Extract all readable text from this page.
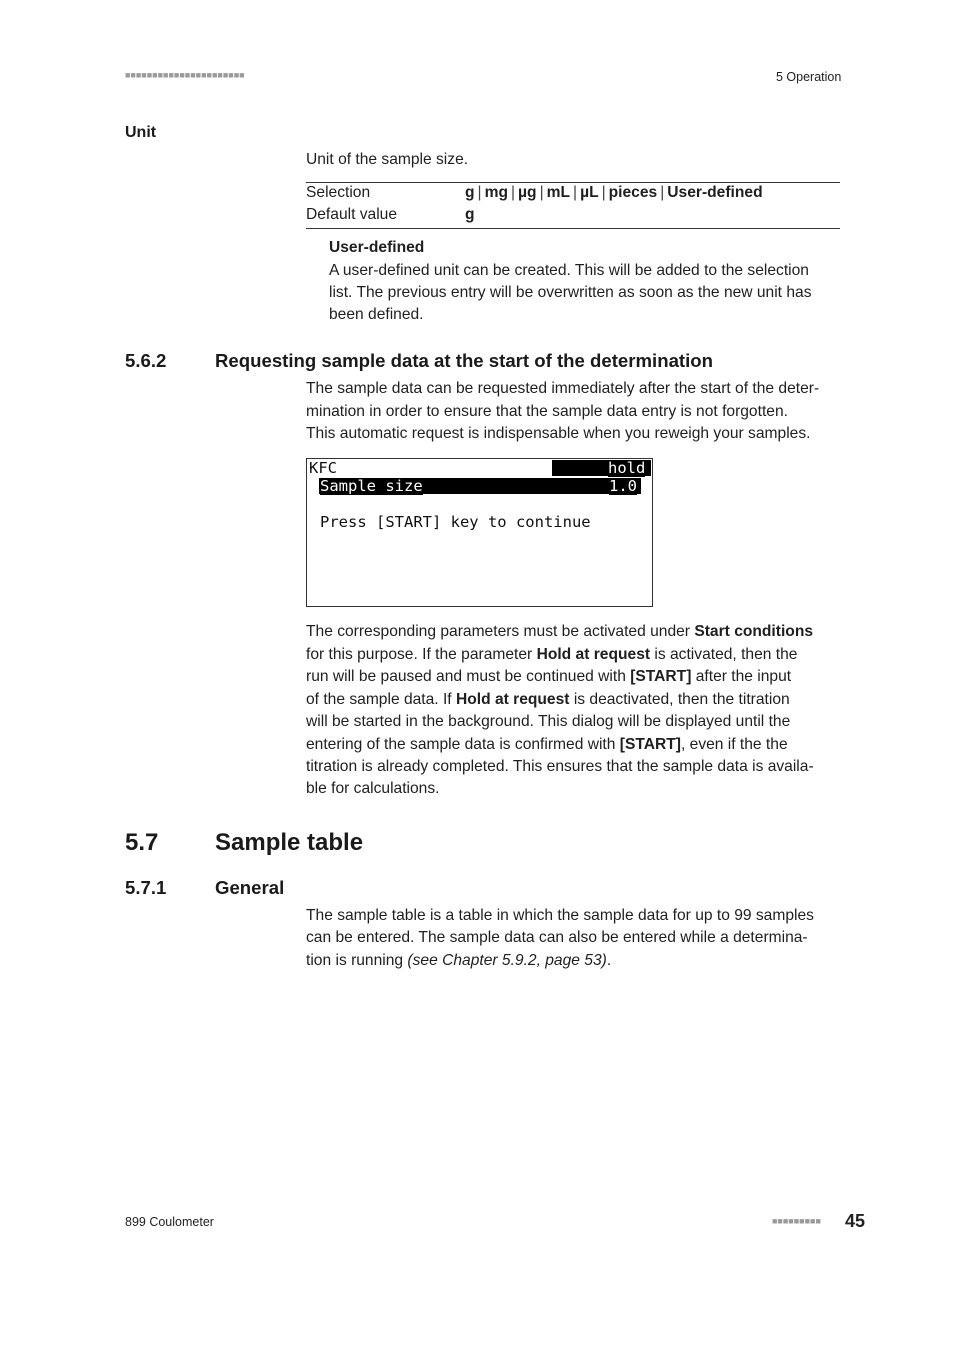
■■■■■■■■■■■■■■■■■■■■■■	5 Operation
Unit
Unit of the sample size.
Selection	g | mg | µg | mL | µL | pieces | User-defined
Default value	g
User-defined
A user-defined unit can be created. This will be added to the selection
list. The previous entry will be overwritten as soon as the new unit has
been defined.
5.6.2	Requesting sample data at the start of the determination
The sample data can be requested immediately after the start of the deter-
mination in order to ensure that the sample data entry is not forgotten.
This automatic request is indispensable when you reweigh your samples.
KFC	hold
Sample size	1.0
Press [START] key to continue
The corresponding parameters must be activated under Start conditions
for this purpose. If the parameter Hold at request is activated, then the
run will be paused and must be continued with [START] after the input
of the sample data. If Hold at request is deactivated, then the titration
will be started in the background. This dialog will be displayed until the
entering of the sample data is confirmed with [START], even if the the
titration is already completed. This ensures that the sample data is availa-
ble for calculations.
5.7 Sample table
5.7.1	General
The sample table is a table in which the sample data for up to 99 samples
can be entered. The sample data can also be entered while a determina-
tion is running (see Chapter 5.9.2, page 53).
899 Coulometer	■■■■■■■■■ 45
